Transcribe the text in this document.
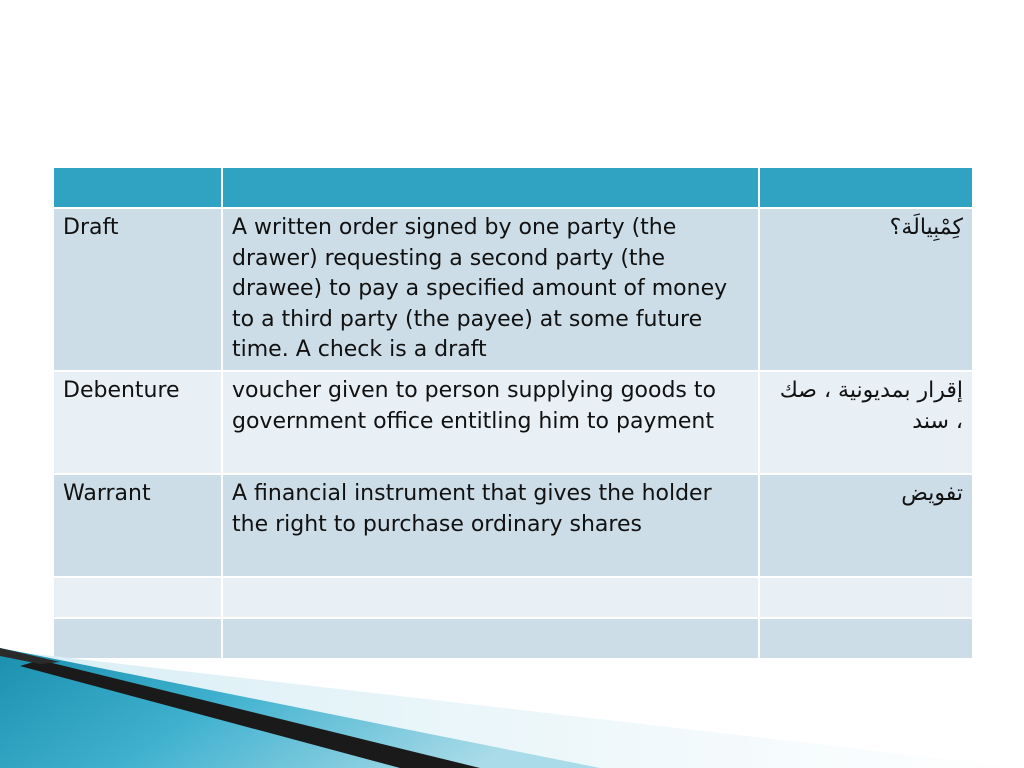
Draft	A written order signed by one party (the drawer) requesting a second party (the drawee) to pay a specified amount of money to a third party (the payee) at some future time. A check is a draft	كِمْبِيالَة؟
Debenture	voucher given to person supplying goods to government office entitling him to payment	إقرار بمديونية ، صك ، سند
Warrant	A financial instrument that gives the holder the right to purchase ordinary shares	تفويض
